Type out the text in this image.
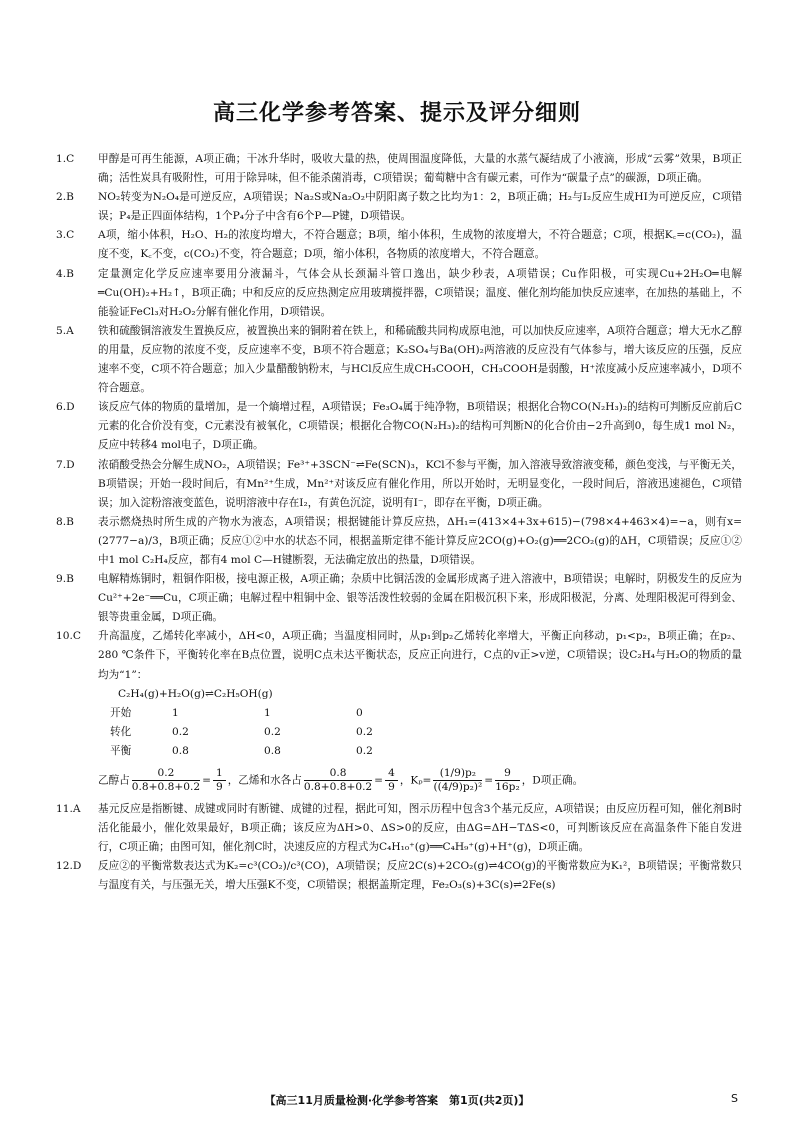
高三化学参考答案、提示及评分细则
1.C	甲醇是可再生能源，A项正确；干冰升华时，吸收大量的热，使周围温度降低，大量的水蒸气凝结成了小液滴，形成“云雾”效果，B项正确；活性炭具有吸附性，可用于除异味，但不能杀菌消毒，C项错误；葡萄糖中含有碳元素，可作为“碳量子点”的碳源，D项正确。
2.B	NO₂转变为N₂O₄是可逆反应，A项错误；Na₂S或Na₂O₂中阴阳离子数之比均为1：2，B项正确；H₂与I₂反应生成HI为可逆反应，C项错误；P₄是正四面体结构，1个P₄分子中含有6个P—P键，D项错误。
3.C	A项，缩小体积，H₂O、H₂的浓度均增大，不符合题意；B项，缩小体积，生成物的浓度增大，不符合题意；C项，根据K꜀=c(CO₂)，温度不变，K꜀不变，c(CO₂)不变，符合题意；D项，缩小体积，各物质的浓度增大，不符合题意。
4.B	定量测定化学反应速率要用分液漏斗，气体会从长颈漏斗管口逸出，缺少秒表，A项错误；Cu作阳极，可实现Cu+2H₂O═电解═Cu(OH)₂+H₂↑，B项正确；中和反应的反应热测定应用玻璃搅拌器，C项错误；温度、催化剂均能加快反应速率，在加热的基础上，不能验证FeCl₃对H₂O₂分解有催化作用，D项错误。
5.A	铁和硫酸铜溶液发生置换反应，被置换出来的铜附着在铁上，和稀硫酸共同构成原电池，可以加快反应速率，A项符合题意；增大无水乙醇的用量，反应物的浓度不变，反应速率不变，B项不符合题意；K₂SO₄与Ba(OH)₂两溶液的反应没有气体参与，增大该反应的压强，反应速率不变，C项不符合题意；加入少量醋酸钠粉末，与HCl反应生成CH₃COOH，CH₃COOH是弱酸，H⁺浓度减小反应速率减小，D项不符合题意。
6.D	该反应气体的物质的量增加，是一个熵增过程，A项错误；Fe₃O₄属于纯净物，B项错误；根据化合物CO(N₂H₃)₂的结构可判断反应前后C元素的化合价没有变，C元素没有被氧化，C项错误；根据化合物CO(N₂H₃)₂的结构可判断N的化合价由−2升高到0，每生成1 mol N₂，反应中转移4 mol电子，D项正确。
7.D	浓硝酸受热会分解生成NO₂，A项错误；Fe³⁺+3SCN⁻⇌Fe(SCN)₃，KCl不参与平衡，加入溶液导致溶液变稀，颜色变浅，与平衡无关，B项错误；开始一段时间后，有Mn²⁺生成，Mn²⁺对该反应有催化作用，所以开始时，无明显变化，一段时间后，溶液迅速褪色，C项错误；加入淀粉溶液变蓝色，说明溶液中存在I₂，有黄色沉淀，说明有I⁻，即存在平衡，D项正确。
8.B	表示燃烧热时所生成的产物水为液态，A项错误；根据键能计算反应热，ΔH₁=(413×4+3x+615)−(798×4+463×4)=−a，则有x=(2777−a)/3，B项正确；反应①②中水的状态不同，根据盖斯定律不能计算反应2CO(g)+O₂(g)══2CO₂(g)的ΔH，C项错误；反应①②中1 mol C₂H₄反应，都有4 mol C—H键断裂，无法确定放出的热量，D项错误。
9.B	电解精炼铜时，粗铜作阳极，接电源正极，A项正确；杂质中比铜活泼的金属形成离子进入溶液中，B项错误；电解时，阴极发生的反应为Cu²⁺+2e⁻══Cu，C项正确；电解过程中粗铜中金、银等活泼性较弱的金属在阳极沉积下来，形成阳极泥，分离、处理阳极泥可得到金、银等贵重金属，D项正确。
10.C	升高温度，乙烯转化率减小，ΔH<0，A项正确；当温度相同时，从p₁到p₂乙烯转化率增大，平衡正向移动，p₁<p₂，B项正确；在p₂、280 ℃条件下，平衡转化率在B点位置，说明C点未达平衡状态，反应正向进行，C点的v正>v逆，C项错误；设C₂H₄与H₂O的物质的量均为“1”：
C₂H₄(g)+H₂O(g)⇌C₂H₅OH(g)
开始	1	1	0
转化	0.2	0.2	0.2
平衡	0.8	0.8	0.2
乙醇占 $\frac{0.2}{0.8+0.8+0.2} = \frac{1}{9}$ ，乙烯和水各占 $\frac{0.8}{0.8+0.8+0.2} = \frac{4}{9}$ ，$K_p= \frac{\text{(1/9)p₂}}{\text{((4/9)p₂)²}} = \frac{9}{\text{16p₂}}$ ，D项正确。
11.A	基元反应是指断键、成键或同时有断键、成键的过程，据此可知，图示历程中包含3个基元反应，A项错误；由反应历程可知，催化剂B时活化能最小，催化效果最好，B项正确；该反应为ΔH>0、ΔS>0的反应，由ΔG=ΔH−TΔS<0，可判断该反应在高温条件下能自发进行，C项正确；由图可知，催化剂C时，决速反应的方程式为C₄H₁₀⁺(g)══C₄H₉⁺(g)+H⁺(g)，D项正确。
12.D	反应②的平衡常数表达式为K₂=c³(CO₂)/c³(CO)，A项错误；反应2C(s)+2CO₂(g)⇌4CO(g)的平衡常数应为K₁²，B项错误；平衡常数只与温度有关，与压强无关，增大压强K不变，C项错误；根据盖斯定理，Fe₂O₃(s)+3C(s)⇌2Fe(s)
【高三11月质量检测·化学参考答案　第1页(共2页)】	S
